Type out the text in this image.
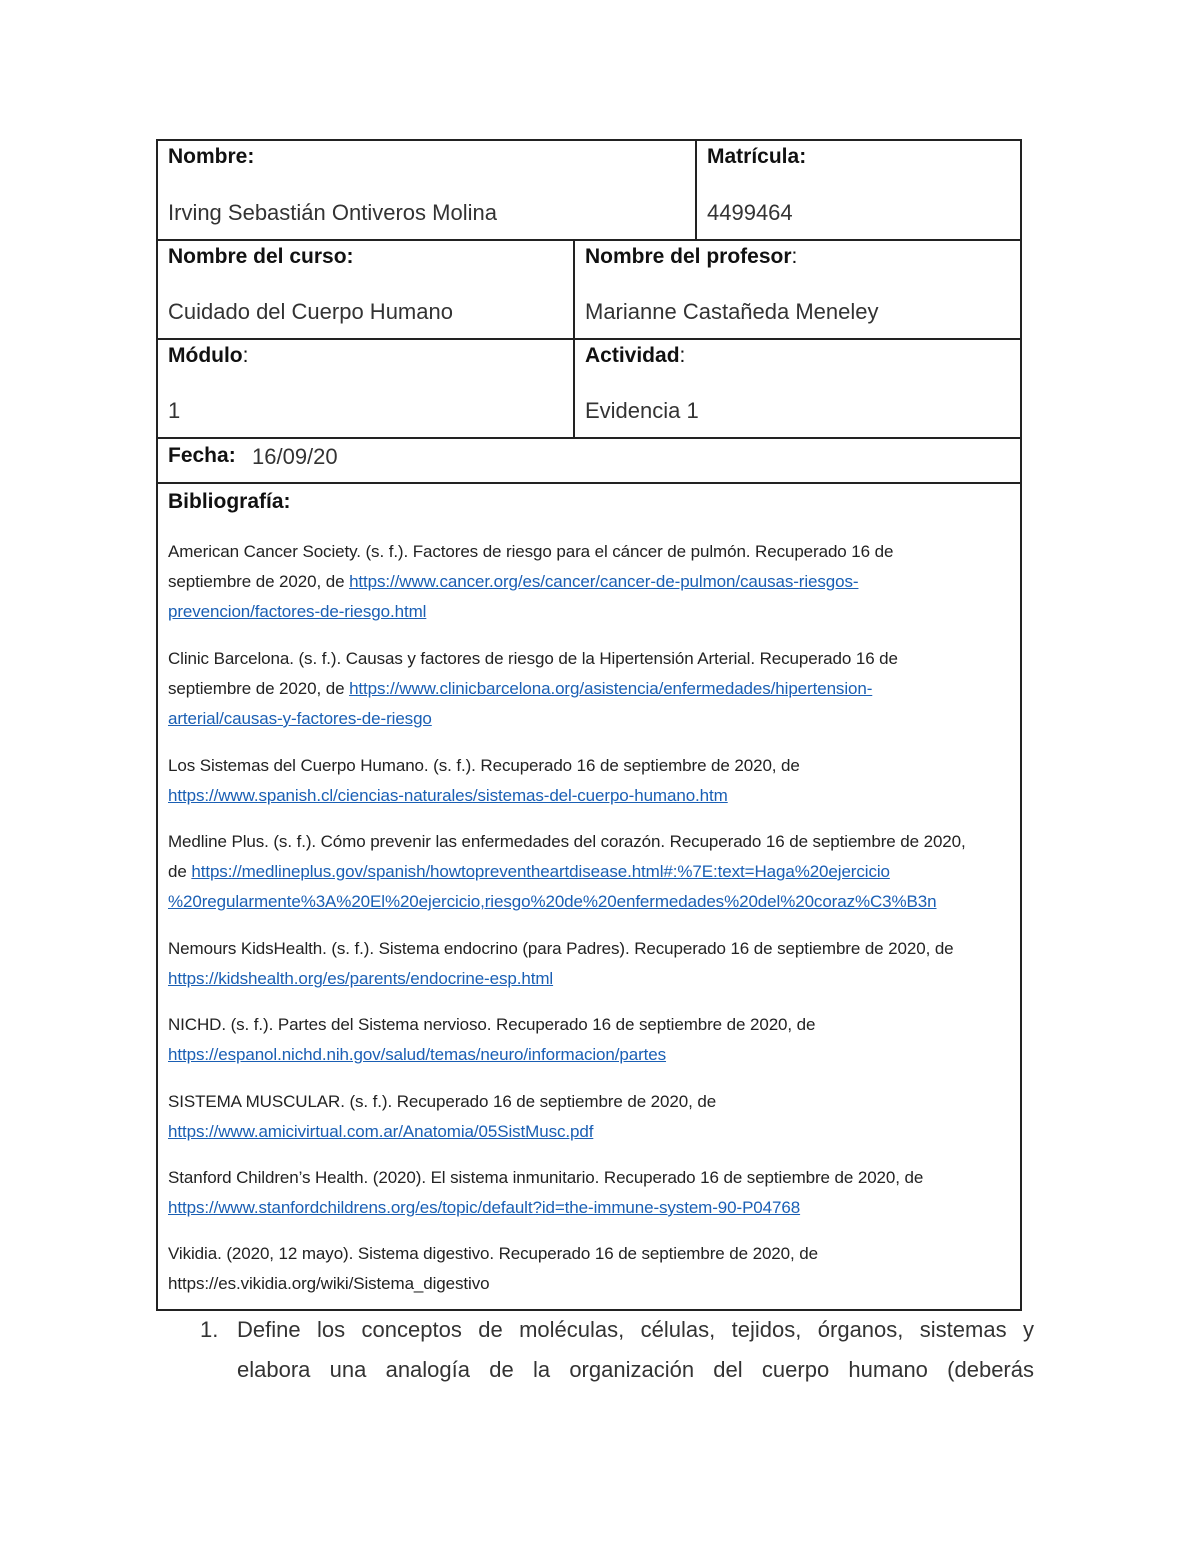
Nombre:
Irving Sebastián Ontiveros Molina
Matrícula:
4499464
Nombre del curso:
Cuidado del Cuerpo Humano
Nombre del profesor:
Marianne Castañeda Meneley
Módulo:
1
Actividad:
Evidencia 1
Fecha: 16/09/20
Bibliografía:
American Cancer Society. (s. f.). Factores de riesgo para el cáncer de pulmón. Recuperado 16 de
septiembre de 2020, de https://www.cancer.org/es/cancer/cancer-de-pulmon/causas-riesgos-
prevencion/factores-de-riesgo.html
Clinic Barcelona. (s. f.). Causas y factores de riesgo de la Hipertensión Arterial. Recuperado 16 de
septiembre de 2020, de https://www.clinicbarcelona.org/asistencia/enfermedades/hipertension-
arterial/causas-y-factores-de-riesgo
Los Sistemas del Cuerpo Humano. (s. f.). Recuperado 16 de septiembre de 2020, de
https://www.spanish.cl/ciencias-naturales/sistemas-del-cuerpo-humano.htm
Medline Plus. (s. f.). Cómo prevenir las enfermedades del corazón. Recuperado 16 de septiembre de 2020,
de https://medlineplus.gov/spanish/howtopreventheartdisease.html#:%7E:text=Haga%20ejercicio
%20regularmente%3A%20El%20ejercicio,riesgo%20de%20enfermedades%20del%20coraz%C3%B3n
Nemours KidsHealth. (s. f.). Sistema endocrino (para Padres). Recuperado 16 de septiembre de 2020, de
https://kidshealth.org/es/parents/endocrine-esp.html
NICHD. (s. f.). Partes del Sistema nervioso. Recuperado 16 de septiembre de 2020, de
https://espanol.nichd.nih.gov/salud/temas/neuro/informacion/partes
SISTEMA MUSCULAR. (s. f.). Recuperado 16 de septiembre de 2020, de
https://www.amicivirtual.com.ar/Anatomia/05SistMusc.pdf
Stanford Children’s Health. (2020). El sistema inmunitario. Recuperado 16 de septiembre de 2020, de
https://www.stanfordchildrens.org/es/topic/default?id=the-immune-system-90-P04768
Vikidia. (2020, 12 mayo). Sistema digestivo. Recuperado 16 de septiembre de 2020, de
https://es.vikidia.org/wiki/Sistema_digestivo
1. Define los conceptos de moléculas, células, tejidos, órganos, sistemas y
elabora una analogía de la organización del cuerpo humano (deberás
